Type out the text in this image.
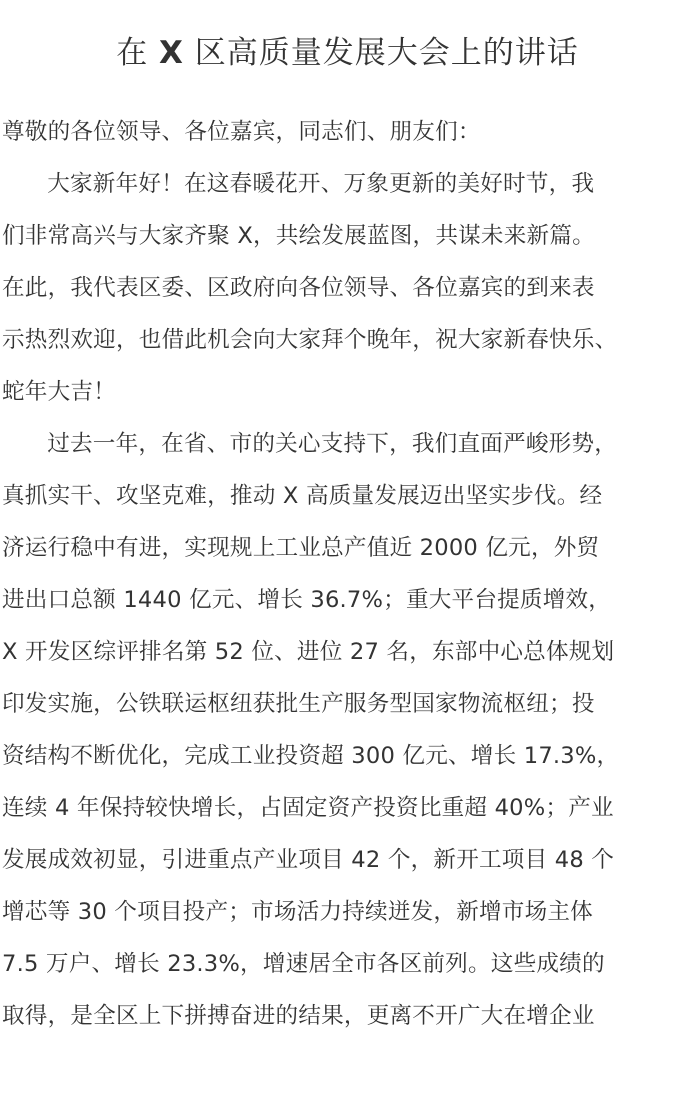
在 X 区高质量发展大会上的讲话

尊敬的各位领导、各位嘉宾，同志们、朋友们：

大家新年好！在这春暖花开、万象更新的美好时节，我
们非常高兴与大家齐聚 X，共绘发展蓝图，共谋未来新篇。
在此，我代表区委、区政府向各位领导、各位嘉宾的到来表
示热烈欢迎，也借此机会向大家拜个晚年，祝大家新春快乐、
蛇年大吉！

过去一年，在省、市的关心支持下，我们直面严峻形势，
真抓实干、攻坚克难，推动 X 高质量发展迈出坚实步伐。经
济运行稳中有进，实现规上工业总产值近 2000 亿元，外贸
进出口总额 1440 亿元、增长 36.7%；重大平台提质增效，
X 开发区综评排名第 52 位、进位 27 名，东部中心总体规划
印发实施，公铁联运枢纽获批生产服务型国家物流枢纽；投
资结构不断优化，完成工业投资超 300 亿元、增长 17.3%，
连续 4 年保持较快增长，占固定资产投资比重超 40%；产业
发展成效初显，引进重点产业项目 42 个，新开工项目 48 个
增芯等 30 个项目投产；市场活力持续迸发，新增市场主体
7.5 万户、增长 23.3%，增速居全市各区前列。这些成绩的
取得，是全区上下拼搏奋进的结果，更离不开广大在增企业
